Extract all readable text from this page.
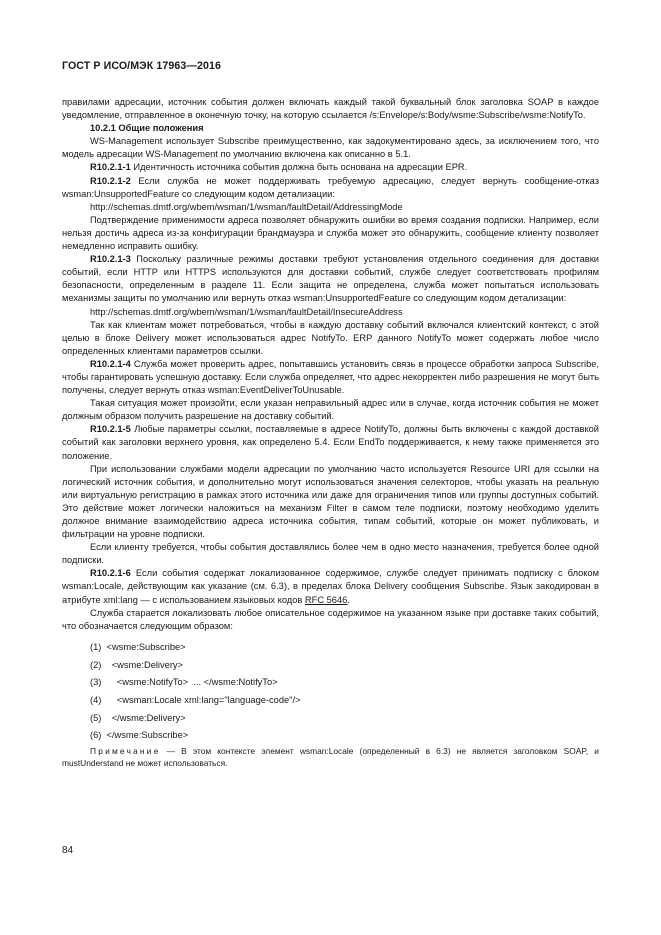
ГОСТ Р ИСО/МЭК 17963—2016

правилами адресации, источник события должен включать каждый такой буквальный блок заголовка SOAP в каждое уведомление, отправленное в оконечную точку, на которую ссылается /s:Envelope/s:Body/wsme:Subscribe/wsme:NotifyTo.

10.2.1 Общие положения

WS-Management использует Subscribe преимущественно, как задокументировано здесь, за исключением того, что модель адресации WS-Management по умолчанию включена как описанно в 5.1.

R10.2.1-1 Идентичность источника события должна быть основана на адресации EPR.

R10.2.1-2 Если служба не может поддерживать требуемую адресацию, следует вернуть сообщение-отказ wsman:UnsupportedFeature со следующим кодом детализации:

http://schemas.dmtf.org/wbem/wsman/1/wsman/faultDetail/AddressingMode

Подтверждение применимости адреса позволяет обнаружить ошибки во время создания подписки. Например, если нельзя достичь адреса из-за конфигурации брандмауэра и служба может это обнаружить, сообщение клиенту позволяет немедленно исправить ошибку.

R10.2.1-3 Поскольку различные режимы доставки требуют установления отдельного соединения для доставки событий, если HTTP или HTTPS используются для доставки событий, службе следует соответствовать профилям безопасности, определенным в разделе 11. Если защита не определена, служба может попытаться использовать механизмы защиты по умолчанию или вернуть отказ wsman:UnsupportedFeature со следующим кодом детализации:

http://schemas.dmtf.org/wbem/wsman/1/wsman/faultDetail/InsecureAddress

Так как клиентам может потребоваться, чтобы в каждую доставку событий включался клиентский контекст, с этой целью в блоке Delivery может использоваться адрес NotifyTo. ERP данного NotifyTo может содержать любое число определенных клиентами параметров ссылки.

R10.2.1-4 Служба может проверить адрес, попытавшись установить связь в процессе обработки запроса Subscribe, чтобы гарантировать успешную доставку. Если служба определяет, что адрес некорректен либо разрешения не могут быть получены, следует вернуть отказ wsman:EventDeliverToUnusable.

Такая ситуация может произойти, если указан неправильный адрес или в случае, когда источник события не может должным образом получить разрешение на доставку событий.

R10.2.1-5 Любые параметры ссылки, поставляемые в адресе NotifyTo, должны быть включены с каждой доставкой событий как заголовки верхнего уровня, как определено 5.4. Если EndTo поддерживается, к нему также применяется это положение.

При использовании службами модели адресации по умолчанию часто используется Resource URI для ссылки на логический источник события, и дополнительно могут использоваться значения селекторов, чтобы указать на реальную или виртуальную регистрацию в рамках этого источника или даже для ограничения типов или группы доступных событий. Это действие может логически наложиться на механизм Filter в самом теле подписки, поэтому необходимо уделить должное внимание взаимодействию адреса источника события, типам событий, которые он может публиковать, и фильтрации на уровне подписки.

Если клиенту требуется, чтобы события доставлялись более чем в одно место назначения, требуется более одной подписки.

R10.2.1-6 Если события содержат локализованное содержимое, службе следует принимать подписку с блоком wsman:Locale, действующим как указание (см. 6.3), в пределах блока Delivery сообщения Subscribe. Язык закодирован в атрибуте xml:lang — с использованием языковых кодов RFC 5646.

Служба старается локализовать любое описательное содержимое на указанном языке при доставке таких событий, что обозначается следующим образом:

(1)  <wsme:Subscribe>
(2)    <wsme:Delivery>
(3)      <wsme:NotifyTo>  ... </wsme:NotifyTo>
(4)      <wsman:Locale xml:lang="language-code"/>
(5)    </wsme:Delivery>
(6)  </wsme:Subscribe>

Примечание — В этом контексте элемент wsman:Locale (определенный в 6.3) не является заголовком SOAP, и mustUnderstand не может использоваться.

84
